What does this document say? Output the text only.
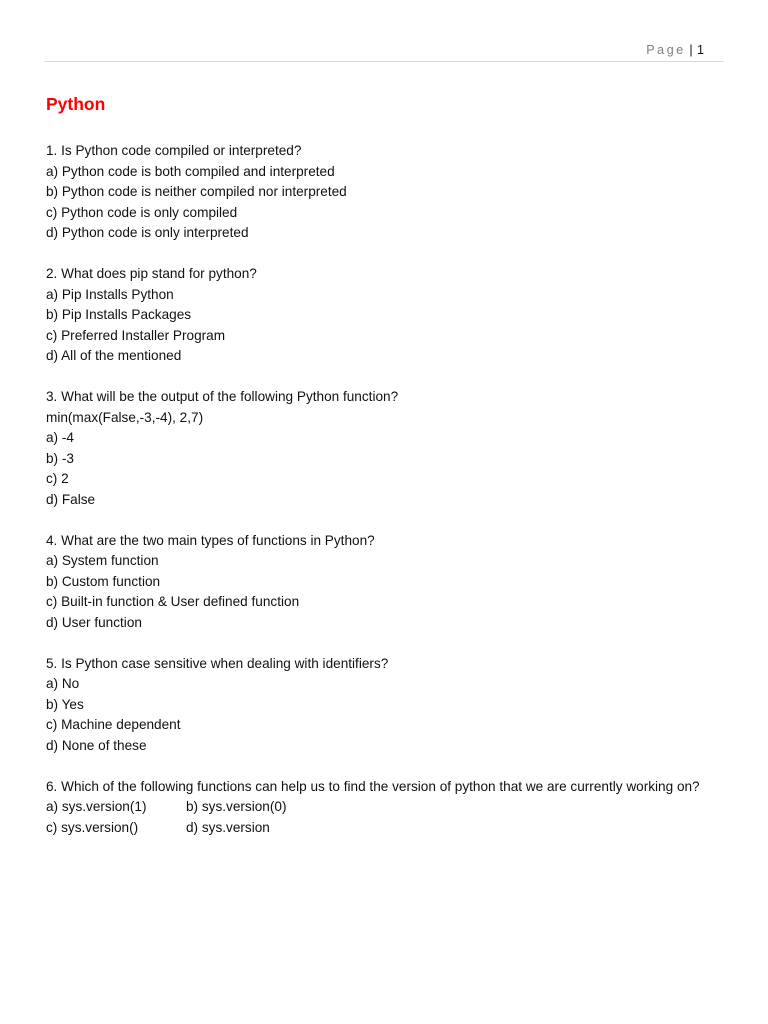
Page | 1
Python
1. Is Python code compiled or interpreted?
a) Python code is both compiled and interpreted
b) Python code is neither compiled nor interpreted
c) Python code is only compiled
d) Python code is only interpreted
2. What does pip stand for python?
a) Pip Installs Python
b) Pip Installs Packages
c) Preferred Installer Program
d) All of the mentioned
3. What will be the output of the following Python function?
min(max(False,-3,-4), 2,7)
a) -4
b) -3
c) 2
d) False
4. What are the two main types of functions in Python?
a) System function
b) Custom function
c) Built-in function & User defined function
d) User function
5. Is Python case sensitive when dealing with identifiers?
a) No
b) Yes
c) Machine dependent
d) None of these
6. Which of the following functions can help us to find the version of python that we are currently working on?
a) sys.version(1)	b) sys.version(0)
c) sys.version()	d) sys.version
